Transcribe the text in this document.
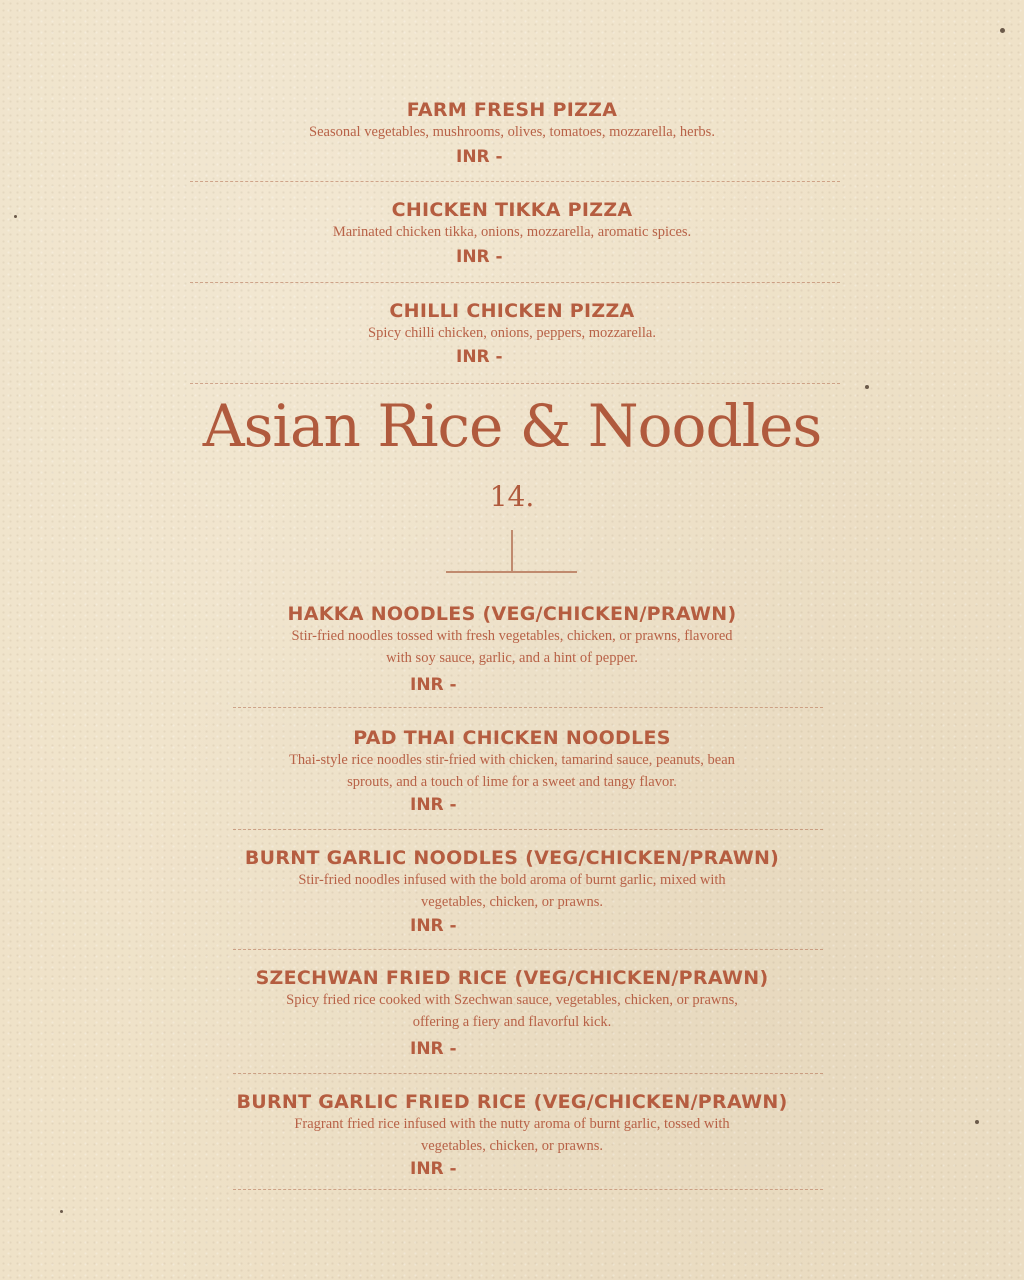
FARM FRESH PIZZA

Seasonal vegetables, mushrooms, olives, tomatoes, mozzarella, herbs.

INR -

CHICKEN TIKKA PIZZA

Marinated chicken tikka, onions, mozzarella, aromatic spices.

INR -

CHILLI CHICKEN PIZZA

Spicy chilli chicken, onions, peppers, mozzarella.

INR -
Asian Rice & Noodles
14.

HAKKA NOODLES (VEG/CHICKEN/PRAWN)

Stir-fried noodles tossed with fresh vegetables, chicken, or prawns, flavored

with soy sauce, garlic, and a hint of pepper.

INR -

PAD THAI CHICKEN NOODLES

Thai-style rice noodles stir-fried with chicken, tamarind sauce, peanuts, bean

sprouts, and a touch of lime for a sweet and tangy flavor.

INR -

BURNT GARLIC NOODLES (VEG/CHICKEN/PRAWN)

Stir-fried noodles infused with the bold aroma of burnt garlic, mixed with

vegetables, chicken, or prawns.

INR -

SZECHWAN FRIED RICE (VEG/CHICKEN/PRAWN)

Spicy fried rice cooked with Szechwan sauce, vegetables, chicken, or prawns,

offering a fiery and flavorful kick.

INR -

BURNT GARLIC FRIED RICE (VEG/CHICKEN/PRAWN)

Fragrant fried rice infused with the nutty aroma of burnt garlic, tossed with

vegetables, chicken, or prawns.

INR -
